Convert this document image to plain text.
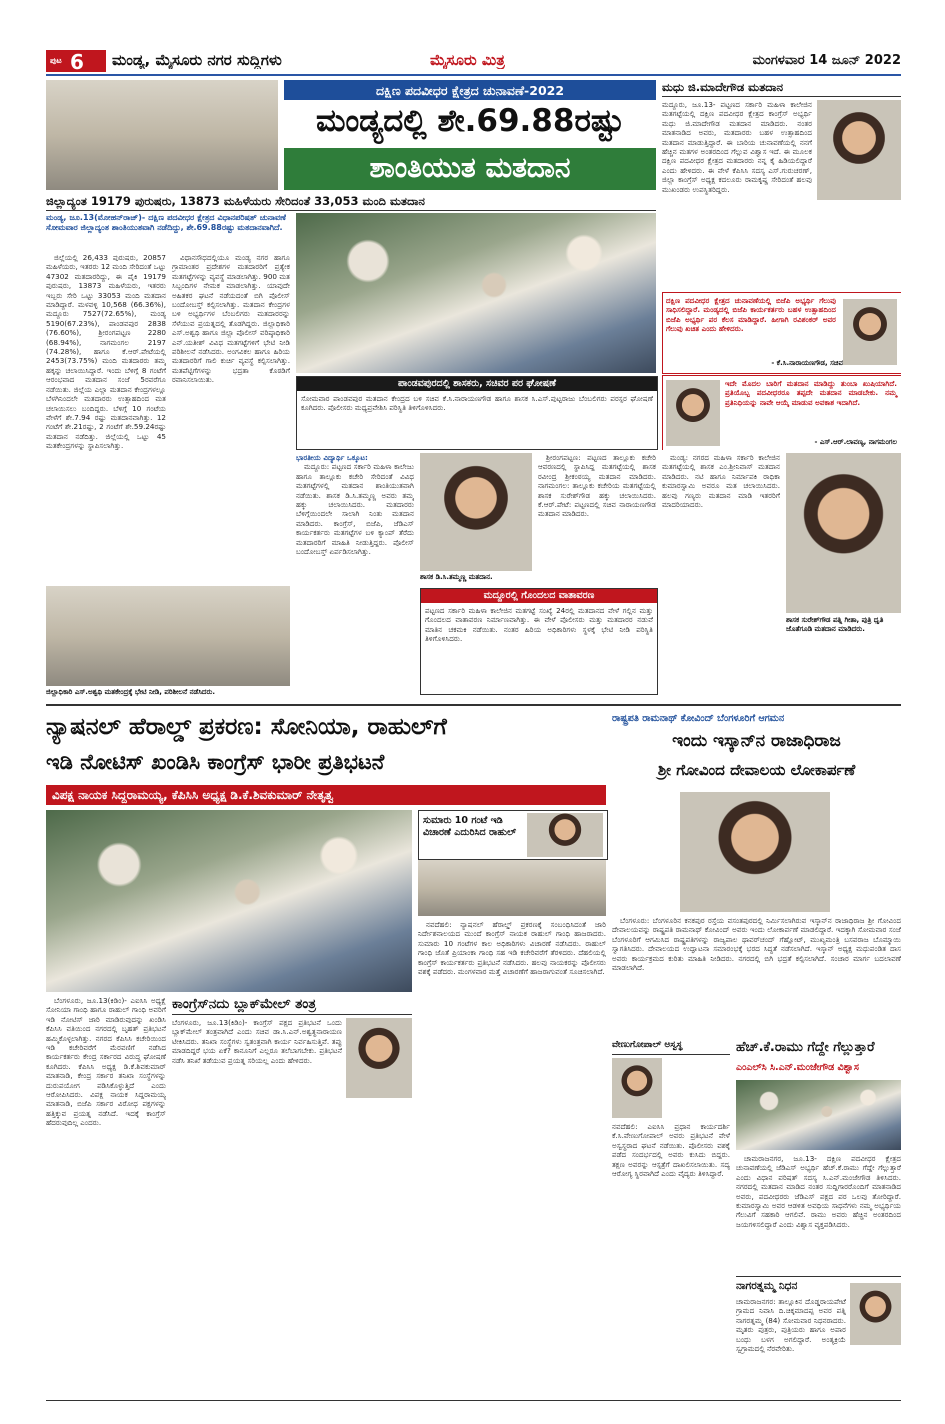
ಪುಟ 6 ಮಂಡ್ಯ, ಮೈಸೂರು ನಗರ ಸುದ್ದಿಗಳು	ಮೈಸೂರು ಮಿತ್ರ	ಮಂಗಳವಾರ 14 ಜೂನ್ 2022
ದಕ್ಷಿಣ ಪದವೀಧರ ಕ್ಷೇತ್ರದ ಚುನಾವಣೆ-2022
ಮಂಡ್ಯದಲ್ಲಿ ಶೇ.69.88ರಷ್ಟು
ಶಾಂತಿಯುತ ಮತದಾನ
ಜಿಲ್ಲಾದ್ಯಂತ 19179 ಪುರುಷರು, 13873 ಮಹಿಳೆಯರು ಸೇರಿದಂತೆ 33,053 ಮಂದಿ ಮತದಾನ
ಮಂಡ್ಯ, ಜೂ.13(ಮೋಹನ್‌ರಾಜ್)- ದಕ್ಷಿಣ ಪದವೀಧರ ಕ್ಷೇತ್ರದ ವಿಧಾನಪರಿಷತ್ ಚುನಾವಣೆ ಸೋಮವಾರ ಜಿಲ್ಲಾದ್ಯಂತ ಶಾಂತಿಯುತವಾಗಿ ನಡೆದಿದ್ದು, ಶೇ.69.88ರಷ್ಟು ಮತದಾನವಾಗಿದೆ.

ಜಿಲ್ಲೆಯಲ್ಲಿ 26,433 ಪುರುಷರು, 20857 ಮಹಿಳೆಯರು, ಇತರರು 12 ಮಂದಿ ಸೇರಿದಂತೆ ಒಟ್ಟು 47302 ಮತದಾರರಿದ್ದು, ಈ ಪೈಕಿ 19179 ಪುರುಷರು, 13873 ಮಹಿಳೆಯರು, ಇತರರು ಇಬ್ಬರು ಸೇರಿ ಒಟ್ಟು 33053 ಮಂದಿ ಮತದಾನ ಮಾಡಿದ್ದಾರೆ. ಮಳವಳ್ಳಿ 10,568 (66.36%), ಮದ್ದೂರು 7527(72.65%), ಮಂಡ್ಯ 5190(67.23%), ಪಾಂಡವಪುರ 2838 (76.60%), ಶ್ರೀರಂಗಪಟ್ಟಣ 2280 (68.94%), ನಾಗಮಂಗಲ 2197 (74.28%), ಹಾಗೂ ಕೆ.ಆರ್.ಪೇಟೆಯಲ್ಲಿ 2453(73.75%) ಮಂದಿ ಮತದಾರರು ತಮ್ಮ ಹಕ್ಕನ್ನು ಚಲಾಯಿಸಿದ್ದಾರೆ. ಇಂದು ಬೆಳಿಗ್ಗೆ 8 ಗಂಟೆಗೆ ಆರಂಭವಾದ ಮತದಾನ ಸಂಜೆ 5ರವರೆಗೂ ನಡೆಯಿತು. ಜಿಲ್ಲೆಯ ಎಲ್ಲಾ ಮತದಾನ ಕೇಂದ್ರಗಳಲ್ಲೂ ಬೆಳಗಿನಿಂದಲೇ ಮತದಾರರು ಉತ್ಸಾಹದಿಂದ ಮತ ಚಲಾಯಿಸಲು ಬಂದಿದ್ದರು. ಬೆಳಿಗ್ಗೆ 10 ಗಂಟೆಯ ವೇಳೆಗೆ ಶೇ.7.94 ರಷ್ಟು ಮತದಾನವಾಗಿತ್ತು. 12 ಗಂಟೆಗೆ ಶೇ.21ರಷ್ಟು, 2 ಗಂಟೆಗೆ ಶೇ.59.24ರಷ್ಟು ಮತದಾನ ನಡೆದಿತ್ತು. ಜಿಲ್ಲೆಯಲ್ಲಿ ಒಟ್ಟು 45 ಮತಕೇಂದ್ರಗಳನ್ನು ಸ್ಥಾಪಿಸಲಾಗಿತ್ತು.

ವಿಧಾನಸೌಧದಲ್ಲಿಯೂ ಮಂಡ್ಯ ನಗರ ಹಾಗೂ ಗ್ರಾಮಾಂತರ ಪ್ರದೇಶಗಳ ಮತದಾರರಿಗೆ ಪ್ರತ್ಯೇಕ ಮತಗಟ್ಟೆಗಳನ್ನು ವ್ಯವಸ್ಥೆ ಮಾಡಲಾಗಿತ್ತು. 900 ಮತ ಸಿಬ್ಬಂದಿಗಳ ನೇಮಕ ಮಾಡಲಾಗಿತ್ತು. ಯಾವುದೇ ಅಹಿತಕರ ಘಟನೆ ನಡೆಯದಂತೆ ಬಿಗಿ ಪೊಲೀಸ್ ಬಂದೋಬಸ್ತ್ ಕಲ್ಪಿಸಲಾಗಿತ್ತು. ಮತದಾನ ಕೇಂದ್ರಗಳ ಬಳಿ ಅಭ್ಯರ್ಥಿಗಳ ಬೆಂಬಲಿಗರು ಮತದಾರರನ್ನು ಸೆಳೆಯುವ ಪ್ರಯತ್ನದಲ್ಲಿ ತೊಡಗಿದ್ದರು. ಜಿಲ್ಲಾಧಿಕಾರಿ ಎಸ್.ಅಶ್ವಥಿ ಹಾಗೂ ಜಿಲ್ಲಾ ಪೊಲೀಸ್ ವರಿಷ್ಠಾಧಿಕಾರಿ ಎನ್.ಯತೀಶ್ ವಿವಿಧ ಮತಗಟ್ಟೆಗಳಿಗೆ ಭೇಟಿ ನೀಡಿ ಪರಿಶೀಲನೆ ನಡೆಸಿದರು. ಅಂಗವಿಕಲ ಹಾಗೂ ಹಿರಿಯ ಮತದಾರರಿಗೆ ಗಾಲಿ ಕುರ್ಚಿ ವ್ಯವಸ್ಥೆ ಕಲ್ಪಿಸಲಾಗಿತ್ತು. ಮತಪೆಟ್ಟಿಗೆಗಳನ್ನು ಭದ್ರತಾ ಕೊಠಡಿಗೆ ರವಾನಿಸಲಾಯಿತು.	ಪಾಂಡವಪುರದಲ್ಲಿ ಶಾಸಕರು, ಸಚಿವರ ಪರ ಘೋಷಣೆ
ಸೋಮವಾರ ಪಾಂಡವಪುರ ಮತದಾನ ಕೇಂದ್ರದ ಬಳಿ ಸಚಿವ ಕೆ.ಸಿ.ನಾರಾಯಣಗೌಡ ಹಾಗೂ ಶಾಸಕ ಸಿ.ಎಸ್.ಪುಟ್ಟರಾಜು ಬೆಂಬಲಿಗರು ಪರಸ್ಪರ ಘೋಷಣೆ ಕೂಗಿದರು. ಪೊಲೀಸರು ಮಧ್ಯಪ್ರವೇಶಿಸಿ ಪರಿಸ್ಥಿತಿ ತಿಳಿಗೊಳಿಸಿದರು.
ಮಧು ಜಿ.ಮಾದೇಗೌಡ ಮತದಾನ
ಮದ್ದೂರು, ಜೂ.13- ಪಟ್ಟಣದ ಸರ್ಕಾರಿ ಮಹಿಳಾ ಕಾಲೇಜಿನ ಮತಗಟ್ಟೆಯಲ್ಲಿ ದಕ್ಷಿಣ ಪದವೀಧರ ಕ್ಷೇತ್ರದ ಕಾಂಗ್ರೆಸ್ ಅಭ್ಯರ್ಥಿ ಮಧು ಜಿ.ಮಾದೇಗೌಡ ಮತದಾನ ಮಾಡಿದರು. ನಂತರ ಮಾತನಾಡಿದ ಅವರು, ಮತದಾರರು ಬಹಳ ಉತ್ಸಾಹದಿಂದ ಮತದಾನ ಮಾಡುತ್ತಿದ್ದಾರೆ. ಈ ಬಾರಿಯ ಚುನಾವಣೆಯಲ್ಲಿ ನನಗೆ ಹೆಚ್ಚಿನ ಮತಗಳ ಅಂತರದಿಂದ ಗೆಲ್ಲುವ ವಿಶ್ವಾಸ ಇದೆ. ಈ ಮೂಲಕ ದಕ್ಷಿಣ ಪದವೀಧರ ಕ್ಷೇತ್ರದ ಮತದಾರರು ನನ್ನ ಕೈ ಹಿಡಿಯಲಿದ್ದಾರೆ ಎಂದು ಹೇಳಿದರು. ಈ ವೇಳೆ ಕೆಪಿಸಿಸಿ ಸದಸ್ಯ ಎಸ್.ಗುರುಚರಣ್, ಜಿಲ್ಲಾ ಕಾಂಗ್ರೆಸ್ ಅಧ್ಯಕ್ಷ ಕದಲೂರು ರಾಮಕೃಷ್ಣ ಸೇರಿದಂತೆ ಹಲವು ಮುಖಂಡರು ಉಪಸ್ಥಿತರಿದ್ದರು.
ದಕ್ಷಿಣ ಪದವೀಧರ ಕ್ಷೇತ್ರದ ಚುನಾವಣೆಯಲ್ಲಿ ಬಿಜೆಪಿ ಅಭ್ಯರ್ಥಿ ಗೆಲುವು ಸಾಧಿಸಲಿದ್ದಾರೆ. ಮಂಡ್ಯದಲ್ಲಿ ಬಿಜೆಪಿ ಕಾರ್ಯಕರ್ತರು ಬಹಳ ಉತ್ಸಾಹದಿಂದ ಬಿಜೆಪಿ ಅಭ್ಯರ್ಥಿ ಪರ ಕೆಲಸ ಮಾಡಿದ್ದಾರೆ. ಹೀಗಾಗಿ ರವಿಶಂಕರ್ ಅವರ ಗೆಲುವು ಖಚಿತ ಎಂದು ಹೇಳಿದರು.
- ಕೆ.ಸಿ.ನಾರಾಯಣಗೌಡ, ಸಚಿವ
ಇದೇ ಮೊದಲ ಬಾರಿಗೆ ಮತದಾನ ಮಾಡಿದ್ದು ತುಂಬಾ ಖುಷಿಯಾಗಿದೆ. ಪ್ರತಿಯೊಬ್ಬ ಪದವೀಧರರೂ ತಪ್ಪದೇ ಮತದಾನ ಮಾಡಬೇಕು. ನಮ್ಮ ಪ್ರತಿನಿಧಿಯನ್ನು ನಾವೇ ಆಯ್ಕೆ ಮಾಡುವ ಅವಕಾಶ ಇದಾಗಿದೆ.
- ಎಸ್.ಆರ್.ಲಾವಣ್ಯ, ನಾಗಮಂಗಲ
ಜಿಲ್ಲಾಧಿಕಾರಿ ಎಸ್.ಅಶ್ವಥಿ ಮತಕೇಂದ್ರಕ್ಕೆ ಭೇಟಿ ನೀಡಿ, ಪರಿಶೀಲನೆ ನಡೆಸಿದರು.
ಭಾರತೀಯ ವಿದ್ಯಾರ್ಥಿ ಒಕ್ಕೂಟ:

ಮದ್ದೂರು: ಪಟ್ಟಣದ ಸರ್ಕಾರಿ ಮಹಿಳಾ ಕಾಲೇಜು ಹಾಗೂ ತಾಲ್ಲೂಕು ಕಚೇರಿ ಸೇರಿದಂತೆ ವಿವಿಧ ಮತಗಟ್ಟೆಗಳಲ್ಲಿ ಮತದಾನ ಶಾಂತಿಯುತವಾಗಿ ನಡೆಯಿತು. ಶಾಸಕ ಡಿ.ಸಿ.ತಮ್ಮಣ್ಣ ಅವರು ತಮ್ಮ ಹಕ್ಕು ಚಲಾಯಿಸಿದರು. ಮತದಾರರು ಬೆಳಿಗ್ಗೆಯಿಂದಲೇ ಸಾಲಾಗಿ ನಿಂತು ಮತದಾನ ಮಾಡಿದರು. ಕಾಂಗ್ರೆಸ್, ಬಿಜೆಪಿ, ಜೆಡಿಎಸ್ ಕಾರ್ಯಕರ್ತರು ಮತಗಟ್ಟೆಗಳ ಬಳಿ ಕ್ಯಾಂಪ್ ತೆರೆದು ಮತದಾರರಿಗೆ ಮಾಹಿತಿ ನೀಡುತ್ತಿದ್ದರು. ಪೊಲೀಸ್ ಬಂದೋಬಸ್ತ್ ಏರ್ಪಡಿಸಲಾಗಿತ್ತು.

ಶಾಸಕ ಡಿ.ಸಿ.ತಮ್ಮಣ್ಣ ಮತದಾನ.

ಶ್ರೀರಂಗಪಟ್ಟಣ: ಪಟ್ಟಣದ ತಾಲ್ಲೂಕು ಕಚೇರಿ ಆವರಣದಲ್ಲಿ ಸ್ಥಾಪಿಸಿದ್ದ ಮತಗಟ್ಟೆಯಲ್ಲಿ ಶಾಸಕ ರವೀಂದ್ರ ಶ್ರೀಕಂಠಯ್ಯ ಮತದಾನ ಮಾಡಿದರು. ನಾಗಮಂಗಲ: ತಾಲ್ಲೂಕು ಕಚೇರಿಯ ಮತಗಟ್ಟೆಯಲ್ಲಿ ಶಾಸಕ ಸುರೇಶ್‌ಗೌಡ ಹಕ್ಕು ಚಲಾಯಿಸಿದರು. ಕೆ.ಆರ್.ಪೇಟೆ: ಪಟ್ಟಣದಲ್ಲಿ ಸಚಿವ ನಾರಾಯಣಗೌಡ ಮತದಾನ ಮಾಡಿದರು.

ಮದ್ದೂರಲ್ಲಿ ಗೊಂದಲದ ವಾತಾವರಣ
ಪಟ್ಟಣದ ಸರ್ಕಾರಿ ಮಹಿಳಾ ಕಾಲೇಜಿನ ಮತಗಟ್ಟೆ ಸಂಖ್ಯೆ 24ರಲ್ಲಿ ಮತದಾನದ ವೇಳೆ ಗಲ್ಲಿನ ಮತ್ತು ಗೊಂದಲದ ವಾತಾವರಣ ನಿರ್ಮಾಣವಾಗಿತ್ತು. ಈ ವೇಳೆ ಪೊಲೀಸರು ಮತ್ತು ಮತದಾರರ ನಡುವೆ ಮಾತಿನ ಚಕಮಕಿ ನಡೆಯಿತು. ನಂತರ ಹಿರಿಯ ಅಧಿಕಾರಿಗಳು ಸ್ಥಳಕ್ಕೆ ಭೇಟಿ ನೀಡಿ ಪರಿಸ್ಥಿತಿ ತಿಳಿಗೊಳಿಸಿದರು.

ಮಂಡ್ಯ: ನಗರದ ಮಹಿಳಾ ಸರ್ಕಾರಿ ಕಾಲೇಜಿನ ಮತಗಟ್ಟೆಯಲ್ಲಿ ಶಾಸಕ ಎಂ.ಶ್ರೀನಿವಾಸ್ ಮತದಾನ ಮಾಡಿದರು. ನಟಿ ಹಾಗೂ ನಿರ್ಮಾಪಕಿ ರಾಧಿಕಾ ಕುಮಾರಸ್ವಾಮಿ ಅವರೂ ಮತ ಚಲಾಯಿಸಿದರು. ಹಲವು ಗಣ್ಯರು ಮತದಾನ ಮಾಡಿ ಇತರರಿಗೆ ಮಾದರಿಯಾದರು.

ಶಾಸಕ ಸುರೇಶ್‌ಗೌಡ ಪತ್ನಿ ಗೀತಾ, ಪುತ್ರಿ ಧೃತಿ ಜೊತೆಗೂಡಿ ಮತದಾನ ಮಾಡಿದರು.
ನ್ಯಾಷನಲ್ ಹೆರಾಲ್ಡ್ ಪ್ರಕರಣ: ಸೋನಿಯಾ, ರಾಹುಲ್‌ಗೆ
ಇಡಿ ನೋಟಿಸ್ ಖಂಡಿಸಿ ಕಾಂಗ್ರೆಸ್ ಭಾರೀ ಪ್ರತಿಭಟನೆ
ವಿಪಕ್ಷ ನಾಯಕ ಸಿದ್ದರಾಮಯ್ಯ, ಕೆಪಿಸಿಸಿ ಅಧ್ಯಕ್ಷ ಡಿ.ಕೆ.ಶಿವಕುಮಾರ್ ನೇತೃತ್ವ
ಸುಮಾರು 10 ಗಂಟೆ ಇಡಿ ವಿಚಾರಣೆ ಎದುರಿಸಿದ ರಾಹುಲ್

ಬೆಂಗಳೂರು, ಜೂ.13(ಕಿಡಿಂ)- ಎಐಸಿಸಿ ಅಧ್ಯಕ್ಷೆ ಸೋನಿಯಾ ಗಾಂಧಿ ಹಾಗೂ ರಾಹುಲ್ ಗಾಂಧಿ ಅವರಿಗೆ ಇಡಿ ನೋಟಿಸ್ ಜಾರಿ ಮಾಡಿರುವುದನ್ನು ಖಂಡಿಸಿ ಕೆಪಿಸಿಸಿ ವತಿಯಿಂದ ನಗರದಲ್ಲಿ ಬೃಹತ್ ಪ್ರತಿಭಟನೆ ಹಮ್ಮಿಕೊಳ್ಳಲಾಗಿತ್ತು. ನಗರದ ಕೆಪಿಸಿಸಿ ಕಚೇರಿಯಿಂದ ಇಡಿ ಕಚೇರಿವರೆಗೆ ಮೆರವಣಿಗೆ ನಡೆಸಿದ ಕಾರ್ಯಕರ್ತರು ಕೇಂದ್ರ ಸರ್ಕಾರದ ವಿರುದ್ಧ ಘೋಷಣೆ ಕೂಗಿದರು. ಕೆಪಿಸಿಸಿ ಅಧ್ಯಕ್ಷ ಡಿ.ಕೆ.ಶಿವಕುಮಾರ್ ಮಾತನಾಡಿ, ಕೇಂದ್ರ ಸರ್ಕಾರ ತನಿಖಾ ಸಂಸ್ಥೆಗಳನ್ನು ದುರುಪಯೋಗ ಪಡಿಸಿಕೊಳ್ಳುತ್ತಿದೆ ಎಂದು ಆರೋಪಿಸಿದರು. ವಿಪಕ್ಷ ನಾಯಕ ಸಿದ್ದರಾಮಯ್ಯ ಮಾತನಾಡಿ, ಬಿಜೆಪಿ ಸರ್ಕಾರ ವಿರೋಧ ಪಕ್ಷಗಳನ್ನು ಹತ್ತಿಕ್ಕುವ ಪ್ರಯತ್ನ ನಡೆಸಿದೆ. ಇದಕ್ಕೆ ಕಾಂಗ್ರೆಸ್ ಹೆದರುವುದಿಲ್ಲ ಎಂದರು.

ಕಾಂಗ್ರೆಸ್‌ನದು ಬ್ಲಾಕ್‌ಮೇಲ್ ತಂತ್ರ
ಬೆಂಗಳೂರು, ಜೂ.13(ಕಿಡಿಂ)- ಕಾಂಗ್ರೆಸ್ ಪಕ್ಷದ ಪ್ರತಿಭಟನೆ ಒಂದು ಬ್ಲಾಕ್‌ಮೇಲ್ ತಂತ್ರವಾಗಿದೆ ಎಂದು ಸಚಿವ ಡಾ.ಸಿ.ಎನ್.ಅಶ್ವತ್ಥನಾರಾಯಣ ಟೀಕಿಸಿದರು. ತನಿಖಾ ಸಂಸ್ಥೆಗಳು ಸ್ವತಂತ್ರವಾಗಿ ಕಾರ್ಯ ನಿರ್ವಹಿಸುತ್ತಿವೆ. ತಪ್ಪು ಮಾಡದಿದ್ದರೆ ಭಯ ಏಕೆ? ಕಾನೂನಿಗೆ ಎಲ್ಲರೂ ತಲೆಬಾಗಬೇಕು. ಪ್ರತಿಭಟನೆ ನಡೆಸಿ ತನಿಖೆ ತಡೆಯುವ ಪ್ರಯತ್ನ ಸರಿಯಲ್ಲ ಎಂದು ಹೇಳಿದರು.

ನವದೆಹಲಿ: ನ್ಯಾಷನಲ್ ಹೆರಾಲ್ಡ್ ಪ್ರಕರಣಕ್ಕೆ ಸಂಬಂಧಿಸಿದಂತೆ ಜಾರಿ ನಿರ್ದೇಶನಾಲಯದ ಮುಂದೆ ಕಾಂಗ್ರೆಸ್ ನಾಯಕ ರಾಹುಲ್ ಗಾಂಧಿ ಹಾಜರಾದರು. ಸುಮಾರು 10 ಗಂಟೆಗಳ ಕಾಲ ಅಧಿಕಾರಿಗಳು ವಿಚಾರಣೆ ನಡೆಸಿದರು. ರಾಹುಲ್ ಗಾಂಧಿ ಜೊತೆ ಪ್ರಿಯಾಂಕಾ ಗಾಂಧಿ ಸಹ ಇಡಿ ಕಚೇರಿವರೆಗೆ ತೆರಳಿದರು. ದೆಹಲಿಯಲ್ಲಿ ಕಾಂಗ್ರೆಸ್ ಕಾರ್ಯಕರ್ತರು ಪ್ರತಿಭಟನೆ ನಡೆಸಿದರು. ಹಲವು ನಾಯಕರನ್ನು ಪೊಲೀಸರು ವಶಕ್ಕೆ ಪಡೆದರು. ಮಂಗಳವಾರ ಮತ್ತೆ ವಿಚಾರಣೆಗೆ ಹಾಜರಾಗುವಂತೆ ಸೂಚಿಸಲಾಗಿದೆ.

ರಾಷ್ಟ್ರಪತಿ ರಾಮನಾಥ್ ಕೋವಿಂದ್ ಬೆಂಗಳೂರಿಗೆ ಆಗಮನ
ಇಂದು ಇಸ್ಕಾನ್‌ನ ರಾಜಾಧಿರಾಜ
ಶ್ರೀ ಗೋವಿಂದ ದೇವಾಲಯ ಲೋಕಾರ್ಪಣೆ

ಬೆಂಗಳೂರು: ಬೆಂಗಳೂರಿನ ಕನಕಪುರ ರಸ್ತೆಯ ವಸಂತಪುರದಲ್ಲಿ ನಿರ್ಮಿಸಲಾಗಿರುವ ಇಸ್ಕಾನ್‌ನ ರಾಜಾಧಿರಾಜ ಶ್ರೀ ಗೋವಿಂದ ದೇವಾಲಯವನ್ನು ರಾಷ್ಟ್ರಪತಿ ರಾಮನಾಥ್ ಕೋವಿಂದ್ ಅವರು ಇಂದು ಲೋಕಾರ್ಪಣೆ ಮಾಡಲಿದ್ದಾರೆ. ಇದಕ್ಕಾಗಿ ಸೋಮವಾರ ಸಂಜೆ ಬೆಂಗಳೂರಿಗೆ ಆಗಮಿಸಿದ ರಾಷ್ಟ್ರಪತಿಗಳನ್ನು ರಾಜ್ಯಪಾಲ ಥಾವರ್‌ಚಂದ್ ಗೆಹ್ಲೋಟ್, ಮುಖ್ಯಮಂತ್ರಿ ಬಸವರಾಜ ಬೊಮ್ಮಾಯಿ ಸ್ವಾಗತಿಸಿದರು. ದೇವಾಲಯದ ಉದ್ಘಾಟನಾ ಸಮಾರಂಭಕ್ಕೆ ಭರದ ಸಿದ್ಧತೆ ನಡೆಸಲಾಗಿದೆ. ಇಸ್ಕಾನ್ ಅಧ್ಯಕ್ಷ ಮಧುಪಂಡಿತ ದಾಸ ಅವರು ಕಾರ್ಯಕ್ರಮದ ಕುರಿತು ಮಾಹಿತಿ ನೀಡಿದರು. ನಗರದಲ್ಲಿ ಬಿಗಿ ಭದ್ರತೆ ಕಲ್ಪಿಸಲಾಗಿದೆ. ಸಂಚಾರ ಮಾರ್ಗ ಬದಲಾವಣೆ ಮಾಡಲಾಗಿದೆ.

ವೇಣುಗೋಪಾಲ್ ಅಸ್ವಸ್ಥ
ನವದೆಹಲಿ: ಎಐಸಿಸಿ ಪ್ರಧಾನ ಕಾರ್ಯದರ್ಶಿ ಕೆ.ಸಿ.ವೇಣುಗೋಪಾಲ್ ಅವರು ಪ್ರತಿಭಟನೆ ವೇಳೆ ಅಸ್ವಸ್ಥರಾದ ಘಟನೆ ನಡೆಯಿತು. ಪೊಲೀಸರು ವಶಕ್ಕೆ ಪಡೆದ ಸಂದರ್ಭದಲ್ಲಿ ಅವರು ಕುಸಿದು ಬಿದ್ದರು. ತಕ್ಷಣ ಅವರನ್ನು ಆಸ್ಪತ್ರೆಗೆ ದಾಖಲಿಸಲಾಯಿತು. ಸದ್ಯ ಆರೋಗ್ಯ ಸ್ಥಿರವಾಗಿದೆ ಎಂದು ವೈದ್ಯರು ತಿಳಿಸಿದ್ದಾರೆ.
ಹೆಚ್.ಕೆ.ರಾಮು ಗೆದ್ದೇ ಗೆಲ್ಲುತ್ತಾರೆ
ಎಂಎಲ್‌ಸಿ ಸಿ.ಎನ್.ಮಂಜೇಗೌಡ ವಿಶ್ವಾಸ

ಚಾಮರಾಜನಗರ, ಜೂ.13- ದಕ್ಷಿಣ ಪದವೀಧರ ಕ್ಷೇತ್ರದ ಚುನಾವಣೆಯಲ್ಲಿ ಜೆಡಿಎಸ್ ಅಭ್ಯರ್ಥಿ ಹೆಚ್.ಕೆ.ರಾಮು ಗೆದ್ದೇ ಗೆಲ್ಲುತ್ತಾರೆ ಎಂದು ವಿಧಾನ ಪರಿಷತ್ ಸದಸ್ಯ ಸಿ.ಎನ್.ಮಂಜೇಗೌಡ ತಿಳಿಸಿದರು. ನಗರದಲ್ಲಿ ಮತದಾನ ಮಾಡಿದ ನಂತರ ಸುದ್ದಿಗಾರರೊಂದಿಗೆ ಮಾತನಾಡಿದ ಅವರು, ಪದವೀಧರರು ಜೆಡಿಎಸ್ ಪಕ್ಷದ ಪರ ಒಲವು ತೋರಿದ್ದಾರೆ. ಕುಮಾರಸ್ವಾಮಿ ಅವರ ಆಡಳಿತ ಅವಧಿಯ ಸಾಧನೆಗಳು ನಮ್ಮ ಅಭ್ಯರ್ಥಿಯ ಗೆಲುವಿಗೆ ಸಹಕಾರಿ ಆಗಲಿವೆ. ರಾಮು ಅವರು ಹೆಚ್ಚಿನ ಅಂತರದಿಂದ ಜಯಗಳಿಸಲಿದ್ದಾರೆ ಎಂದು ವಿಶ್ವಾಸ ವ್ಯಕ್ತಪಡಿಸಿದರು.

ನಾಗರತ್ನಮ್ಮ ನಿಧನ
ಚಾಮರಾಜನಗರ: ತಾಲ್ಲೂಕಿನ ದೊಡ್ಡರಾಯಪೇಟೆ ಗ್ರಾಮದ ನಿವಾಸಿ ದಿ.ಚಿಕ್ಕಮಾದಪ್ಪ ಅವರ ಪತ್ನಿ ನಾಗರತ್ನಮ್ಮ (84) ಸೋಮವಾರ ನಿಧನರಾದರು. ಮೃತರು ಪುತ್ರರು, ಪುತ್ರಿಯರು ಹಾಗೂ ಅಪಾರ ಬಂಧು ಬಳಗ ಅಗಲಿದ್ದಾರೆ. ಅಂತ್ಯಕ್ರಿಯೆ ಸ್ವಗ್ರಾಮದಲ್ಲಿ ನೆರವೇರಿತು.
